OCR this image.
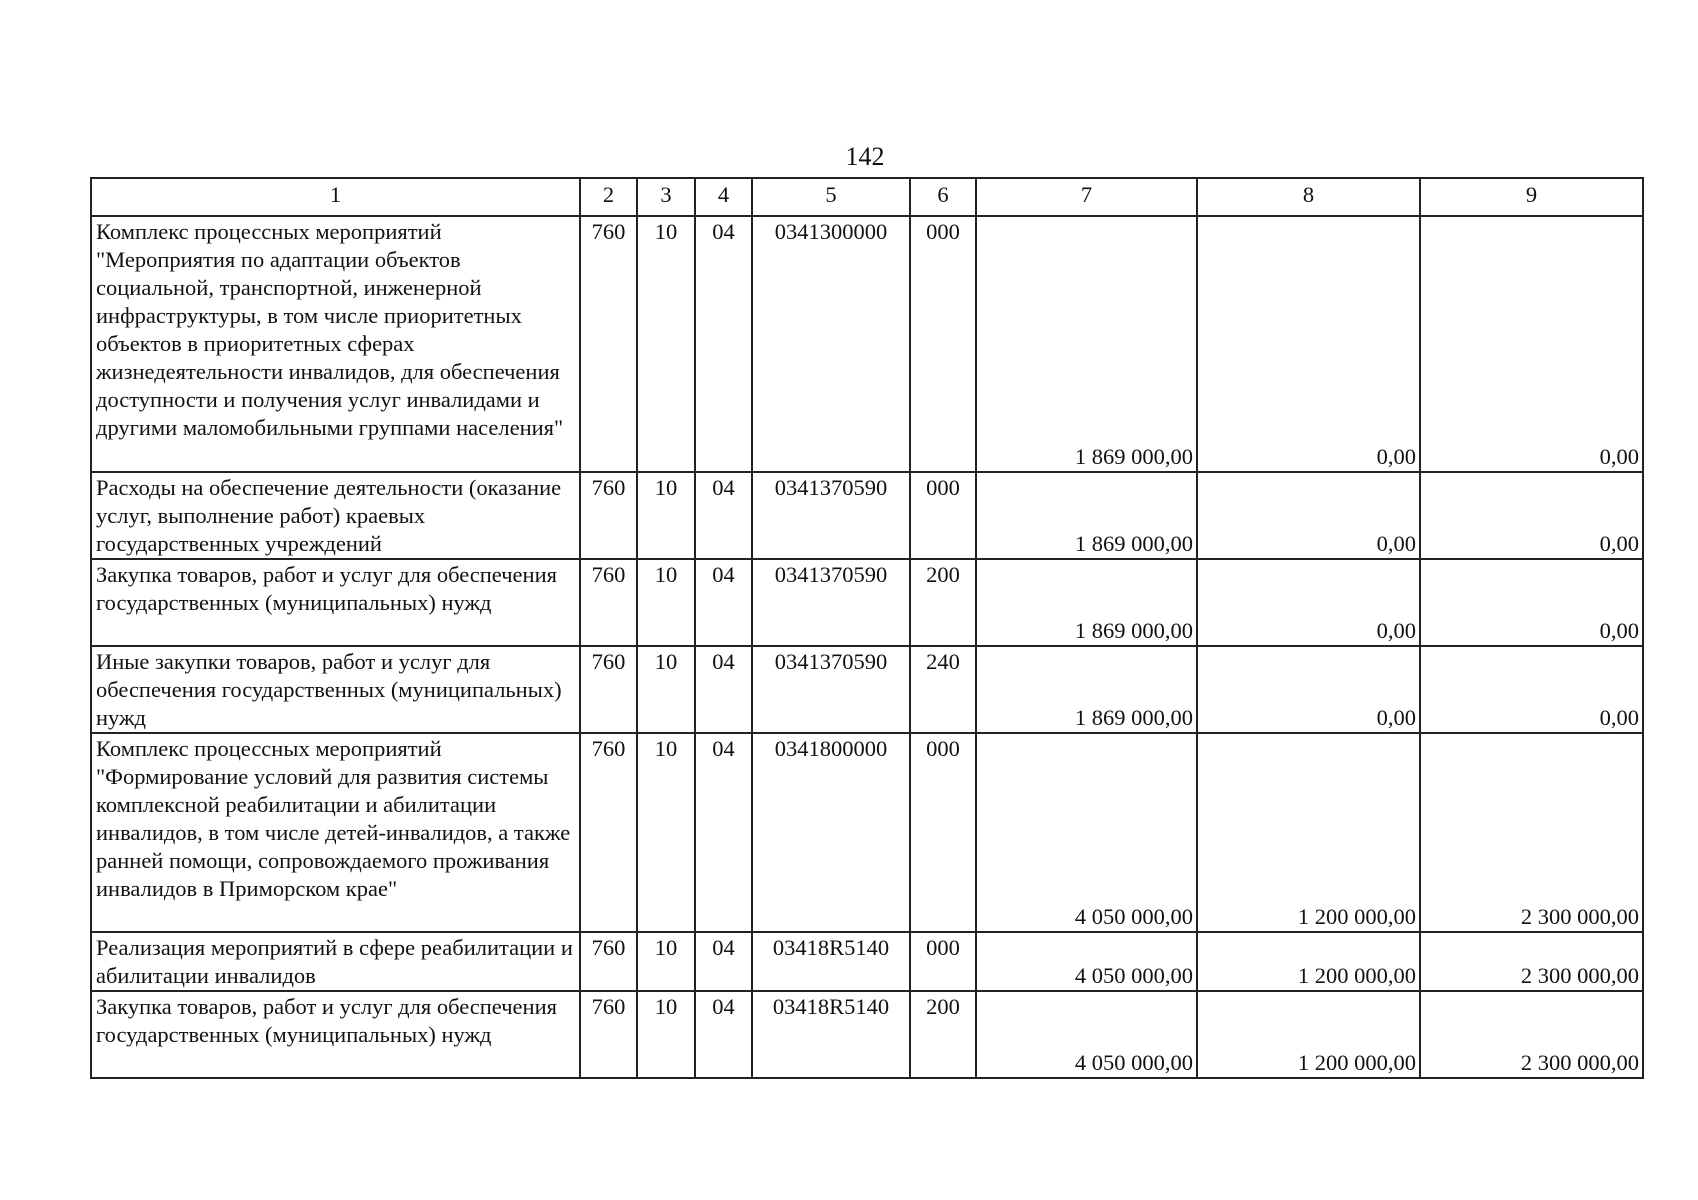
142
1	2	3	4	5	6	7	8	9
Комплекс процессных мероприятий "Мероприятия по адаптации объектов социальной, транспортной, инженерной инфраструктуры, в том числе приоритетных объектов в приоритетных сферах жизнедеятельности инвалидов, для обеспечения доступности и получения услуг инвалидами и другими маломобильными группами населения"	760	10	04	0341300000	000	1 869 000,00	0,00	0,00
Расходы на обеспечение деятельности (оказание услуг, выполнение работ) краевых государственных учреждений	760	10	04	0341370590	000	1 869 000,00	0,00	0,00
Закупка товаров, работ и услуг для обеспечения государственных (муниципальных) нужд	760	10	04	0341370590	200	1 869 000,00	0,00	0,00
Иные закупки товаров, работ и услуг для обеспечения государственных (муниципальных) нужд	760	10	04	0341370590	240	1 869 000,00	0,00	0,00
Комплекс процессных мероприятий "Формирование условий для развития системы комплексной реабилитации и абилитации инвалидов, в том числе детей-инвалидов, а также ранней помощи, сопровождаемого проживания инвалидов в Приморском крае"	760	10	04	0341800000	000	4 050 000,00	1 200 000,00	2 300 000,00
Реализация мероприятий в сфере реабилитации и абилитации инвалидов	760	10	04	03418R5140	000	4 050 000,00	1 200 000,00	2 300 000,00
Закупка товаров, работ и услуг для обеспечения государственных (муниципальных) нужд	760	10	04	03418R5140	200	4 050 000,00	1 200 000,00	2 300 000,00
